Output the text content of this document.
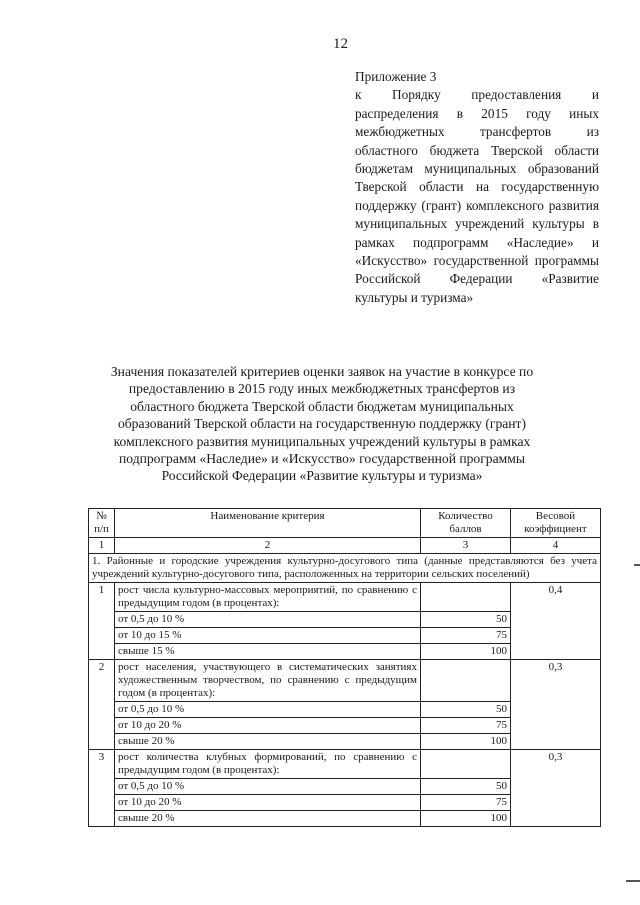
12
Приложение 3
к Порядку предоставления и распределения в 2015 году иных межбюджетных трансфертов из областного бюджета Тверской области бюджетам муниципальных образований Тверской области на государственную поддержку (грант) комплексного развития муниципальных учреждений культуры в рамках подпрограмм «Наследие» и «Искусство» государственной программы Российской Федерации «Развитие культуры и туризма»
Значения показателей критериев оценки заявок на участие в конкурсе по предоставлению в 2015 году иных межбюджетных трансфертов из областного бюджета Тверской области бюджетам муниципальных образований Тверской области на государственную поддержку (грант) комплексного развития муниципальных учреждений культуры в рамках подпрограмм «Наследие» и «Искусство» государственной программы Российской Федерации «Развитие культуры и туризма»
№ п/п	Наименование критерия	Количество баллов	Весовой коэффициент
1	2	3	4
1. Районные и городские учреждения культурно-досугового типа (данные представляются без учета учреждений культурно-досугового типа, расположенных на территории сельских поселений)			
1	рост числа культурно-массовых мероприятий, по сравнению с предыдущим годом (в процентах):		0,4
	от 0,5 до 10 %	50	
	от 10 до 15 %	75	
	свыше 15 %	100	
2	рост населения, участвующего в систематических занятиях художественным творчеством, по сравнению с предыдущим годом (в процентах):		0,3
	от 0,5 до 10 %	50	
	от 10 до 20 %	75	
	свыше 20 %	100	
3	рост количества клубных формирований, по сравнению с предыдущим годом (в процентах):		0,3
	от 0,5 до 10 %	50	
	от 10 до 20 %	75	
	свыше 20 %	100	
